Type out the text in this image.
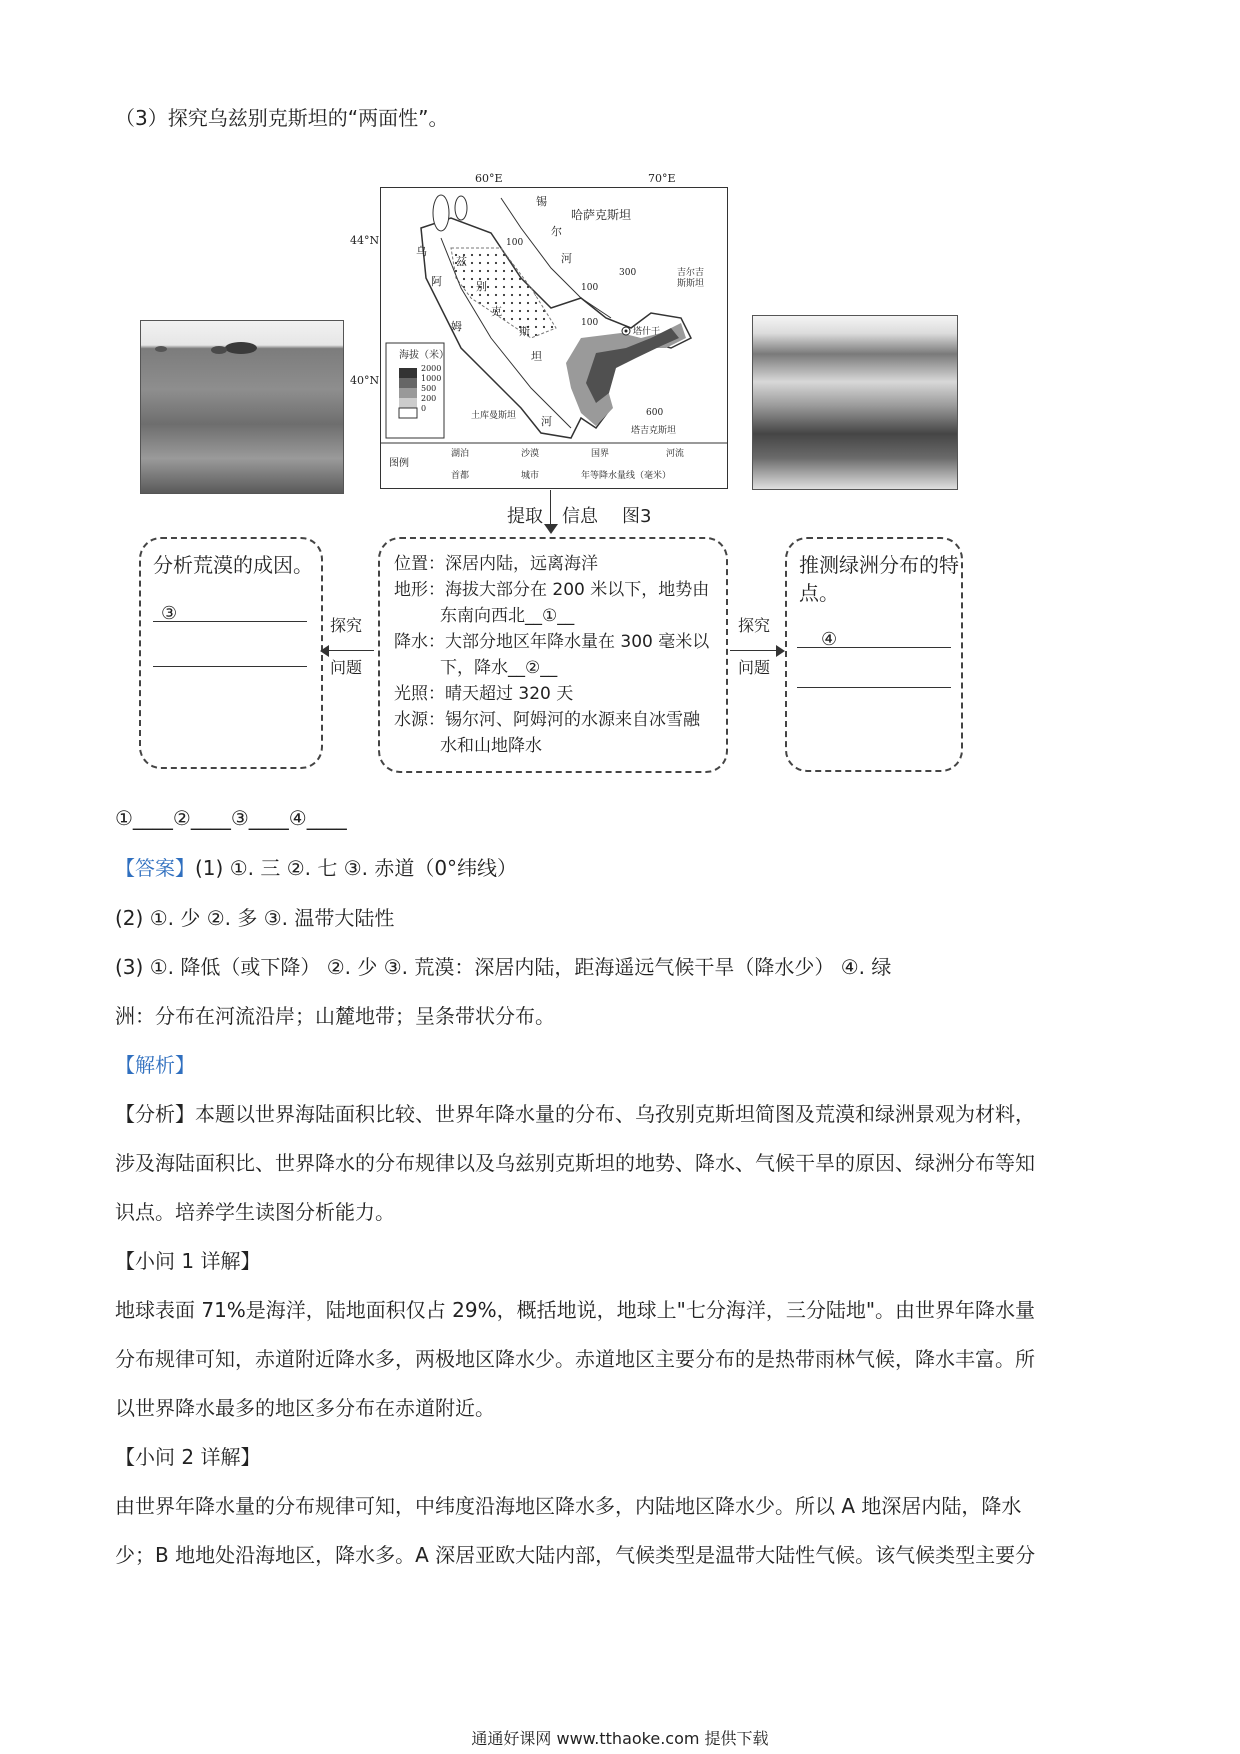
（3）探究乌兹别克斯坦的“两面性”。
海拔（米）
2000
1000
500
200
0
锡
尔
河
哈萨克斯坦
乌
兹
别
克
斯
坦
阿
姆
河
吉尔吉
斯斯坦
塔什干
土库曼斯坦
塔吉克斯坦
100
100
100
300
600
图例
湖泊	沙漠	国界	河流
首都	城市	年等降水量线（毫米）
60°E	70°E
44°N
40°N
提取 信息 图3
分析荒漠的成因。
③
探究
问题
位置：深居内陆，远离海洋
地形：海拔大部分在 200 米以下，地势由
东南向西北__①__
降水：大部分地区年降水量在 300 毫米以
下，降水__②__
光照：晴天超过 320 天
水源：锡尔河、阿姆河的水源来自冰雪融
水和山地降水
探究
问题
推测绿洲分布的特点。
④
①____②____③____④____
【答案】(1) ①. 三 ②. 七 ③. 赤道（0°纬线）
(2) ①. 少 ②. 多 ③. 温带大陆性
(3) ①. 降低（或下降） ②. 少 ③. 荒漠：深居内陆，距海遥远气候干旱（降水少） ④. 绿
洲：分布在河流沿岸；山麓地带；呈条带状分布。
【解析】
【分析】本题以世界海陆面积比较、世界年降水量的分布、乌孜别克斯坦简图及荒漠和绿洲景观为材料，
涉及海陆面积比、世界降水的分布规律以及乌兹别克斯坦的地势、降水、气候干旱的原因、绿洲分布等知
识点。培养学生读图分析能力。
【小问 1 详解】
地球表面 71%是海洋，陆地面积仅占 29%，概括地说，地球上"七分海洋，三分陆地"。由世界年降水量
分布规律可知，赤道附近降水多，两极地区降水少。赤道地区主要分布的是热带雨林气候，降水丰富。所
以世界降水最多的地区多分布在赤道附近。
【小问 2 详解】
由世界年降水量的分布规律可知，中纬度沿海地区降水多，内陆地区降水少。所以 A 地深居内陆，降水
少；B 地地处沿海地区，降水多。A 深居亚欧大陆内部，气候类型是温带大陆性气候。该气候类型主要分
通通好课网 www.tthaoke.com 提供下载
